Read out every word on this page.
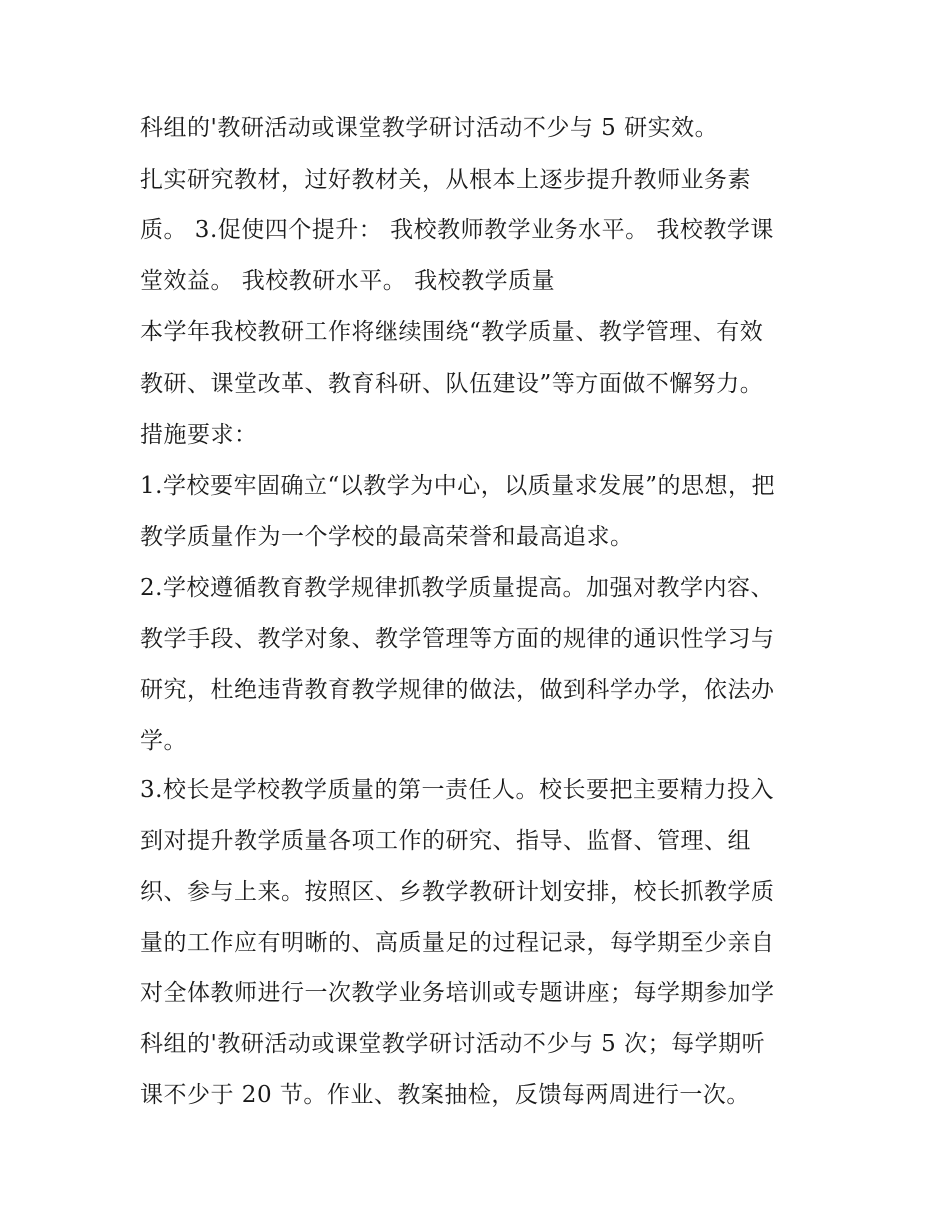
科组的'教研活动或课堂教学研讨活动不少与 5 研实效。

扎实研究教材，过好教材关，从根本上逐步提升教师业务素

质。 3.促使四个提升： 我校教师教学业务水平。 我校教学课

堂效益。 我校教研水平。 我校教学质量

本学年我校教研工作将继续围绕“教学质量、教学管理、有效

教研、课堂改革、教育科研、队伍建设”等方面做不懈努力。

措施要求：

1.学校要牢固确立“以教学为中心，以质量求发展”的思想，把

教学质量作为一个学校的最高荣誉和最高追求。

2.学校遵循教育教学规律抓教学质量提高。加强对教学内容、

教学手段、教学对象、教学管理等方面的规律的通识性学习与

研究，杜绝违背教育教学规律的做法，做到科学办学，依法办

学。

3.校长是学校教学质量的第一责任人。校长要把主要精力投入

到对提升教学质量各项工作的研究、指导、监督、管理、组

织、参与上来。按照区、乡教学教研计划安排，校长抓教学质

量的工作应有明晰的、高质量足的过程记录，每学期至少亲自

对全体教师进行一次教学业务培训或专题讲座；每学期参加学

科组的'教研活动或课堂教学研讨活动不少与 5 次；每学期听

课不少于 20 节。作业、教案抽检，反馈每两周进行一次。
